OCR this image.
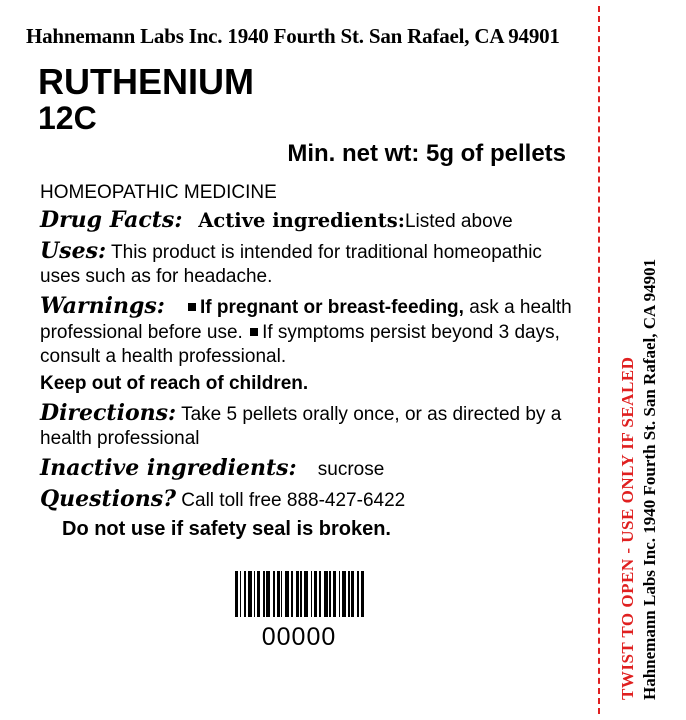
Hahnemann Labs Inc. 1940 Fourth St. San Rafael, CA 94901
RUTHENIUM
12C
Min. net wt: 5g of pellets
HOMEOPATHIC MEDICINE
Drug Facts: Active ingredients:Listed above
Uses: This product is intended for traditional homeopathic uses such as for headache.
Warnings: If pregnant or breast-feeding, ask a health professional before use. If symptoms persist beyond 3 days, consult a health professional.
Keep out of reach of children.
Directions: Take 5 pellets orally once, or as directed by a health professional
Inactive ingredients: sucrose
Questions? Call toll free 888-427-6422
Do not use if safety seal is broken.

00000	Hahnemann Labs Inc. 1940 Fourth St. San Rafael, CA 94901
TWIST TO OPEN - USE ONLY IF SEALED
